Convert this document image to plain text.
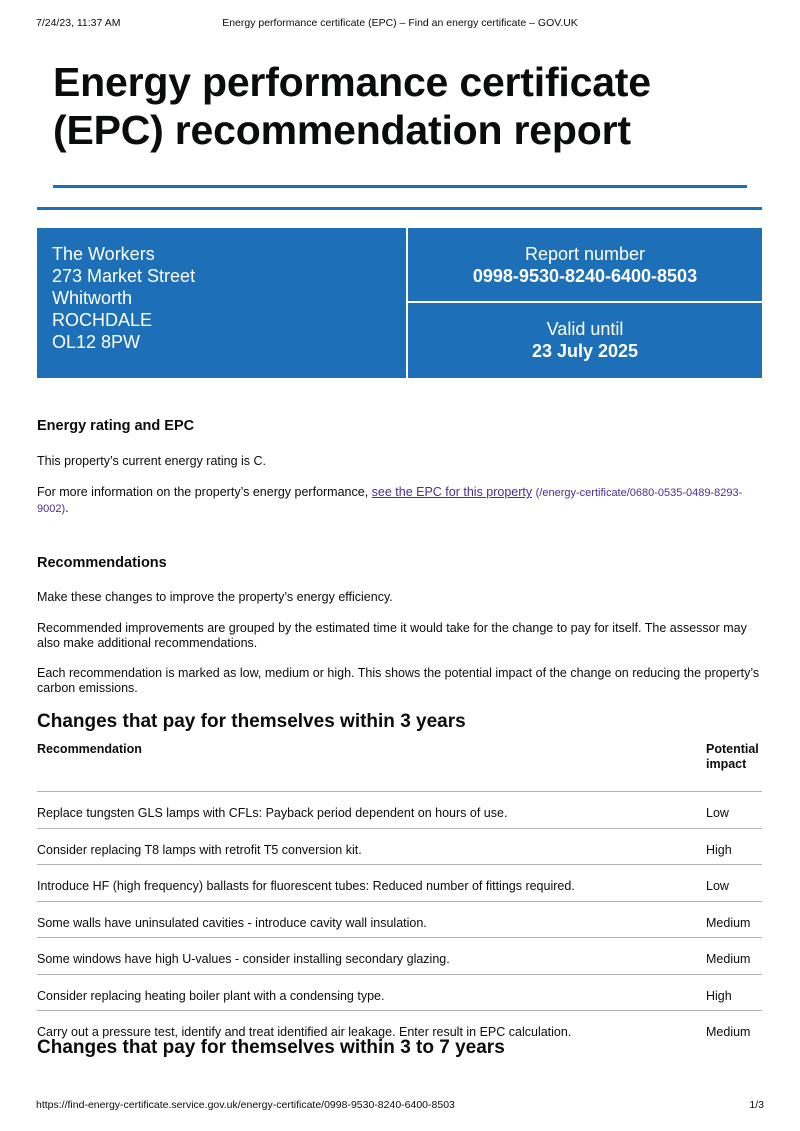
7/24/23, 11:37 AM	Energy performance certificate (EPC) – Find an energy certificate – GOV.UK
Energy performance certificate (EPC) recommendation report
The Workers
273 Market Street
Whitworth
ROCHDALE
OL12 8PW
Report number
0998-9530-8240-6400-8503
Valid until
23 July 2025
Energy rating and EPC
This property’s current energy rating is C.
For more information on the property’s energy performance, see the EPC for this property (/energy-certificate/0680-0535-0489-8293-9002).
Recommendations
Make these changes to improve the property’s energy efficiency.
Recommended improvements are grouped by the estimated time it would take for the change to pay for itself. The assessor may also make additional recommendations.
Each recommendation is marked as low, medium or high. This shows the potential impact of the change on reducing the property’s carbon emissions.
Changes that pay for themselves within 3 years
Recommendation	Potential impact
Replace tungsten GLS lamps with CFLs: Payback period dependent on hours of use.	Low
Consider replacing T8 lamps with retrofit T5 conversion kit.	High
Introduce HF (high frequency) ballasts for fluorescent tubes: Reduced number of fittings required.	Low
Some walls have uninsulated cavities - introduce cavity wall insulation.	Medium
Some windows have high U-values - consider installing secondary glazing.	Medium
Consider replacing heating boiler plant with a condensing type.	High
Carry out a pressure test, identify and treat identified air leakage. Enter result in EPC calculation.	Medium
Changes that pay for themselves within 3 to 7 years
https://find-energy-certificate.service.gov.uk/energy-certificate/0998-9530-8240-6400-8503	1/3
